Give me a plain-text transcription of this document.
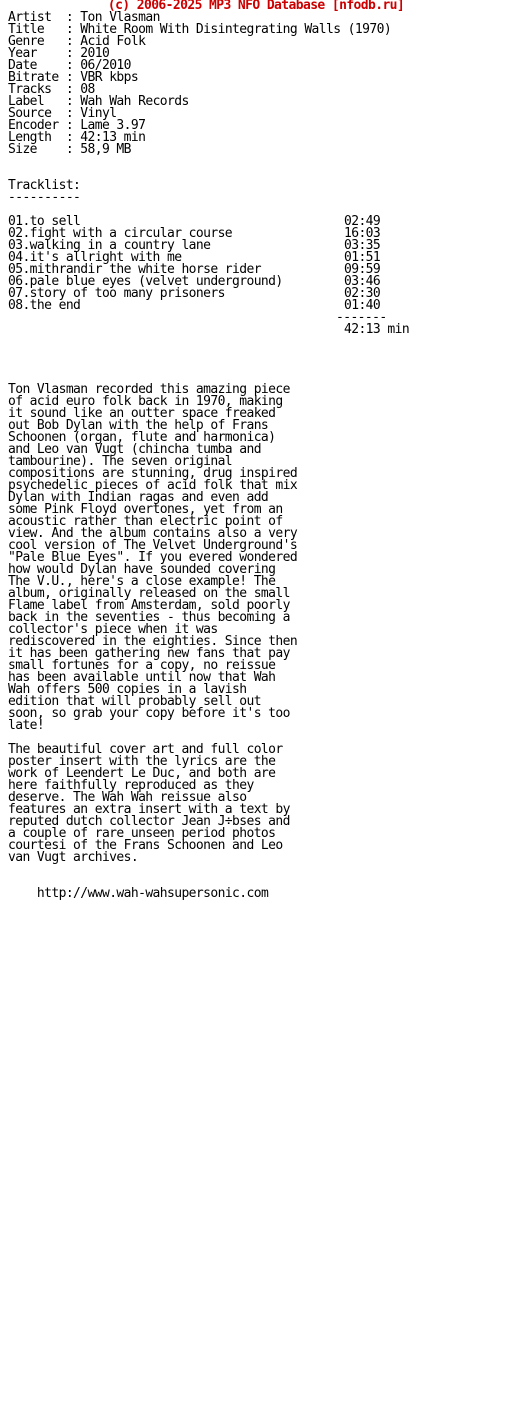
(c) 2006-2025 MP3 NFO Database [nfodb.ru]
Artist  : Ton Vlasman
Title   : White Room With Disintegrating Walls (1970)
Genre   : Acid Folk
Year    : 2010
Date    : 06/2010
Bitrate : VBR kbps
Tracks  : 08
Label   : Wah Wah Records
Source  : Vinyl
Encoder : Lame 3.97
Length  : 42:13 min
Size    : 58,9 MB
Tracklist:
----------
01.to sell	02:49
02.fight with a circular course	16:03
03.walking in a country lane	03:35
04.it's allright with me	01:51
05.mithrandir the white horse rider	09:59
06.pale blue eyes (velvet underground)	03:46
07.story of too many prisoners	02:30
08.the end	01:40

-------

42:13 min

Ton Vlasman recorded this amazing piece
of acid euro folk back in 1970, making
it sound like an outter space freaked
out Bob Dylan with the help of Frans
Schoonen (organ, flute and harmonica)
and Leo van Vugt (chincha tumba and
tambourine). The seven original
compositions are stunning, drug inspired
psychedelic pieces of acid folk that mix
Dylan with Indian ragas and even add
some Pink Floyd overtones, yet from an
acoustic rather than electric point of
view. And the album contains also a very
cool version of The Velvet Underground's
"Pale Blue Eyes". If you evered wondered
how would Dylan have sounded covering
The V.U., here's a close example! The
album, originally released on the small
Flame label from Amsterdam, sold poorly
back in the seventies - thus becoming a
collector's piece when it was
rediscovered in the eighties. Since then
it has been gathering new fans that pay
small fortunes for a copy, no reissue
has been available until now that Wah
Wah offers 500 copies in a lavish
edition that will probably sell out
soon, so grab your copy before it's too
late!
The beautiful cover art and full color
poster insert with the lyrics are the
work of Leendert Le Duc, and both are
here faithfully reproduced as they
deserve. The Wah Wah reissue also
features an extra insert with a text by
reputed dutch collector Jean J÷bses and
a couple of rare unseen period photos
courtesi of the Frans Schoonen and Leo
van Vugt archives.

http://www.wah-wahsupersonic.com
